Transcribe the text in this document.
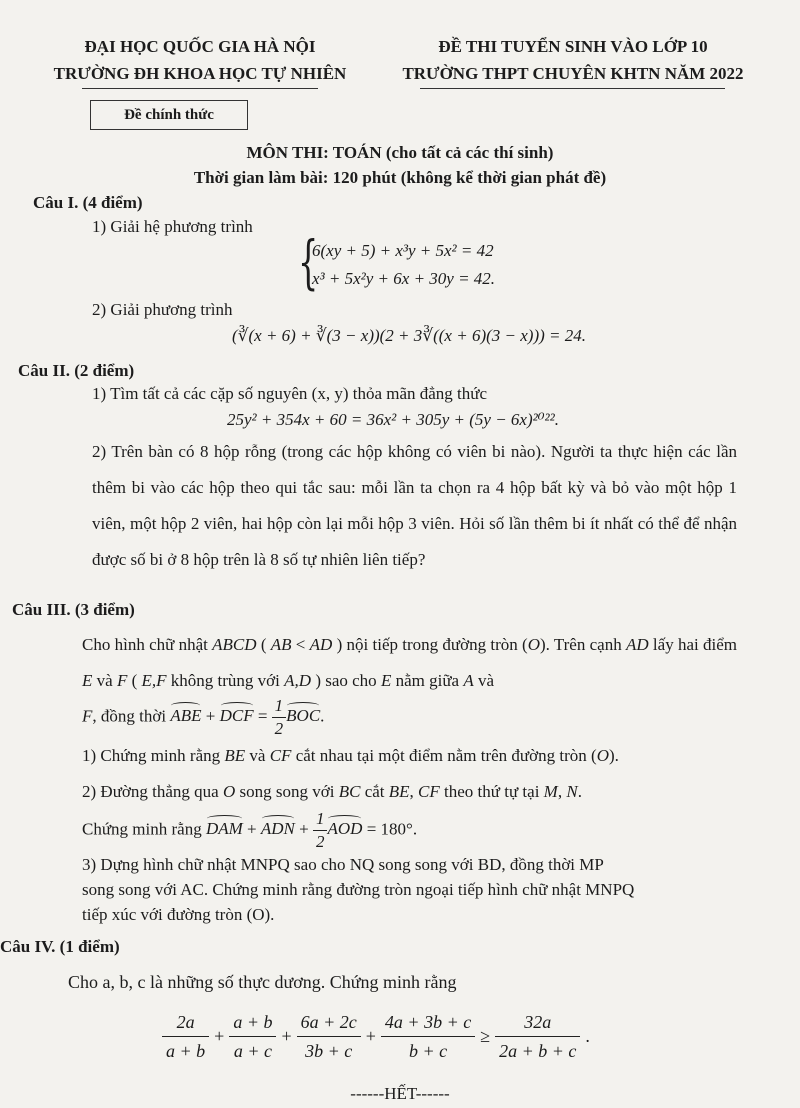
ĐẠI HỌC QUỐC GIA HÀ NỘI
TRƯỜNG ĐH KHOA HỌC TỰ NHIÊN
ĐỀ THI TUYỂN SINH VÀO LỚP 10
TRƯỜNG THPT CHUYÊN KHTN NĂM 2022
Đề chính thức
MÔN THI: TOÁN (cho tất cả các thí sinh)
Thời gian làm bài: 120 phút (không kể thời gian phát đề)
Câu I. (4 điểm)
1) Giải hệ phương trình
{
6(xy + 5) + x³y + 5x² = 42
x³ + 5x²y + 6x + 30y = 42.
2) Giải phương trình
(∛(x + 6) + ∛(3 − x))(2 + 3∛((x + 6)(3 − x))) = 24.
Câu II. (2 điểm)
1) Tìm tất cả các cặp số nguyên (x, y) thỏa mãn đẳng thức
25y² + 354x + 60 = 36x² + 305y + (5y − 6x)²⁰²².
2) Trên bàn có 8 hộp rỗng (trong các hộp không có viên bi nào). Người ta thực hiện các lần thêm bi vào các hộp theo qui tắc sau: mỗi lần ta chọn ra 4 hộp bất kỳ và bỏ vào một hộp 1 viên, một hộp 2 viên, hai hộp còn lại mỗi hộp 3 viên. Hỏi số lần thêm bi ít nhất có thể để nhận được số bi ở 8 hộp trên là 8 số tự nhiên liên tiếp?
Câu III. (3 điểm)
Cho hình chữ nhật ABCD ( AB < AD ) nội tiếp trong đường tròn (O). Trên cạnh AD lấy hai điểm E và F ( E,F không trùng với A,D ) sao cho E nằm giữa A và
F, đồng thời ABE + DCF = $\frac{1}{2}$ BOC.
1) Chứng minh rằng BE và CF cắt nhau tại một điểm nằm trên đường tròn (O).
2) Đường thẳng qua O song song với BC cắt BE, CF theo thứ tự tại M, N.
Chứng minh rằng DAM + ADN + $\frac{1}{2}$ AOD = 180°.
3) Dựng hình chữ nhật MNPQ sao cho NQ song song với BD, đồng thời MP
song song với AC. Chứng minh rằng đường tròn ngoại tiếp hình chữ nhật MNPQ
tiếp xúc với đường tròn (O).
Câu IV. (1 điểm)
Cho a, b, c là những số thực dương. Chứng minh rằng
$\frac{2a}{a + b} + \frac{a + b}{a + c} + \frac{6a + 2c}{3b + c} + \frac{4a + 3b + c}{b + c} \ge \frac{32a}{2a + b + c}$ .
------HẾT------
